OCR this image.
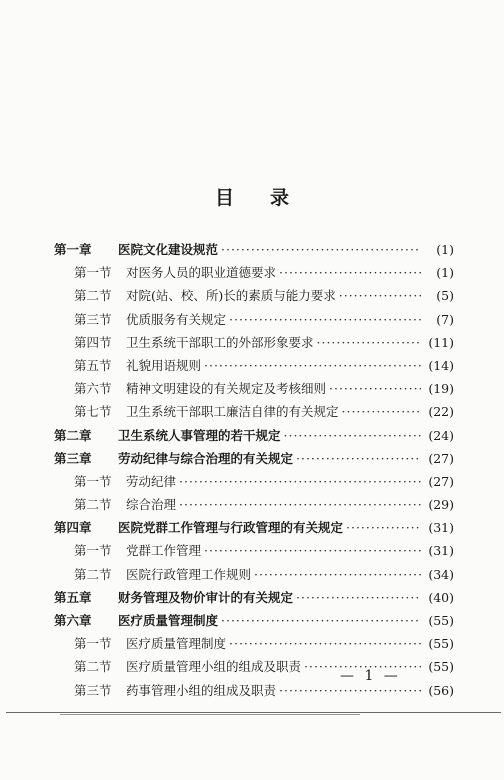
目 录
第一章	医院文化建设规范 ·····	(1)
第一节	对医务人员的职业道德要求 ·····	(1)
第二节	对院(站、校、所)长的素质与能力要求 ·····	(5)
第三节	优质服务有关规定 ·····	(7)
第四节	卫生系统干部职工的外部形象要求 ·····	(11)
第五节	礼貌用语规则 ·····	(14)
第六节	精神文明建设的有关规定及考核细则 ·····	(19)
第七节	卫生系统干部职工廉洁自律的有关规定 ·····	(22)
第二章	卫生系统人事管理的若干规定 ·····	(24)
第三章	劳动纪律与综合治理的有关规定 ·····	(27)
第一节	劳动纪律 ·····	(27)
第二节	综合治理 ·····	(29)
第四章	医院党群工作管理与行政管理的有关规定 ·····	(31)
第一节	党群工作管理 ·····	(31)
第二节	医院行政管理工作规则 ·····	(34)
第五章	财务管理及物价审计的有关规定 ·····	(40)
第六章	医疗质量管理制度 ·····	(55)
第一节	医疗质量管理制度 ·····	(55)
第二节	医疗质量管理小组的组成及职责 ·····	(55)
第三节	药事管理小组的组成及职责 ·····	(56)
— 1 —
